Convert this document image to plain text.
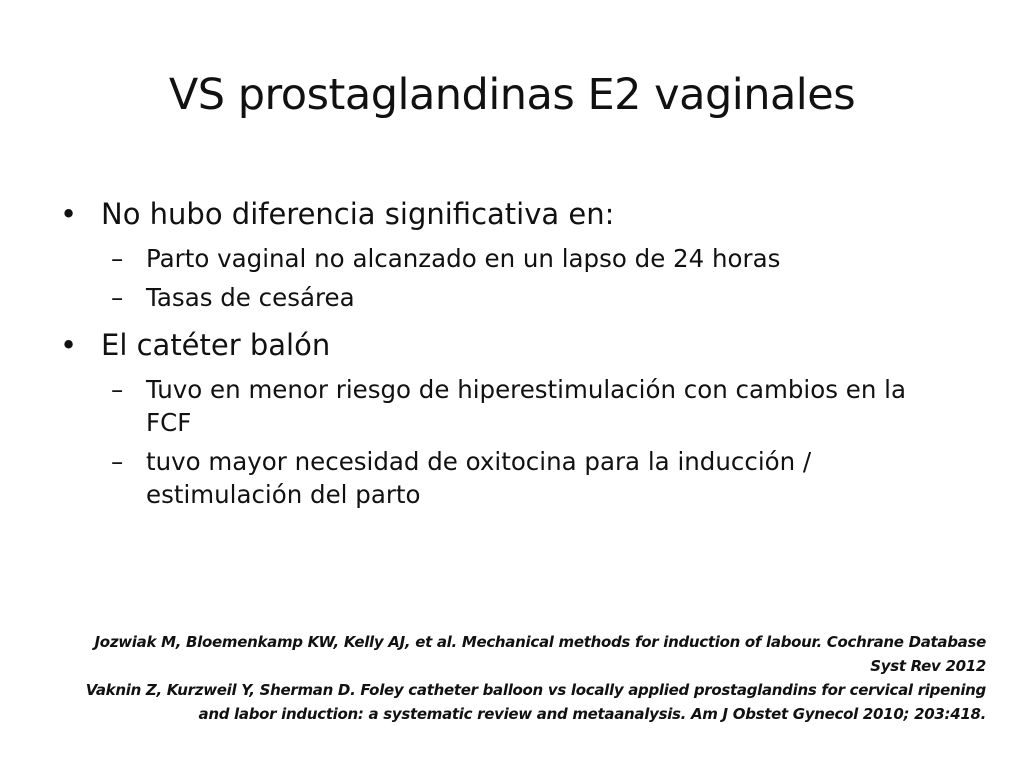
VS prostaglandinas E2 vaginales
• No hubo diferencia significativa en:
– Parto vaginal no alcanzado en un lapso de 24 horas
– Tasas de cesárea
• El catéter balón
– Tuvo en menor riesgo de hiperestimulación con cambios en la FCF
– tuvo mayor necesidad de oxitocina para la inducción / estimulación del parto
Jozwiak M, Bloemenkamp KW, Kelly AJ, et al. Mechanical methods for induction of labour. Cochrane Database
Syst Rev 2012
Vaknin Z, Kurzweil Y, Sherman D. Foley catheter balloon vs locally applied prostaglandins for cervical ripening
and labor induction: a systematic review and metaanalysis. Am J Obstet Gynecol 2010; 203:418.
